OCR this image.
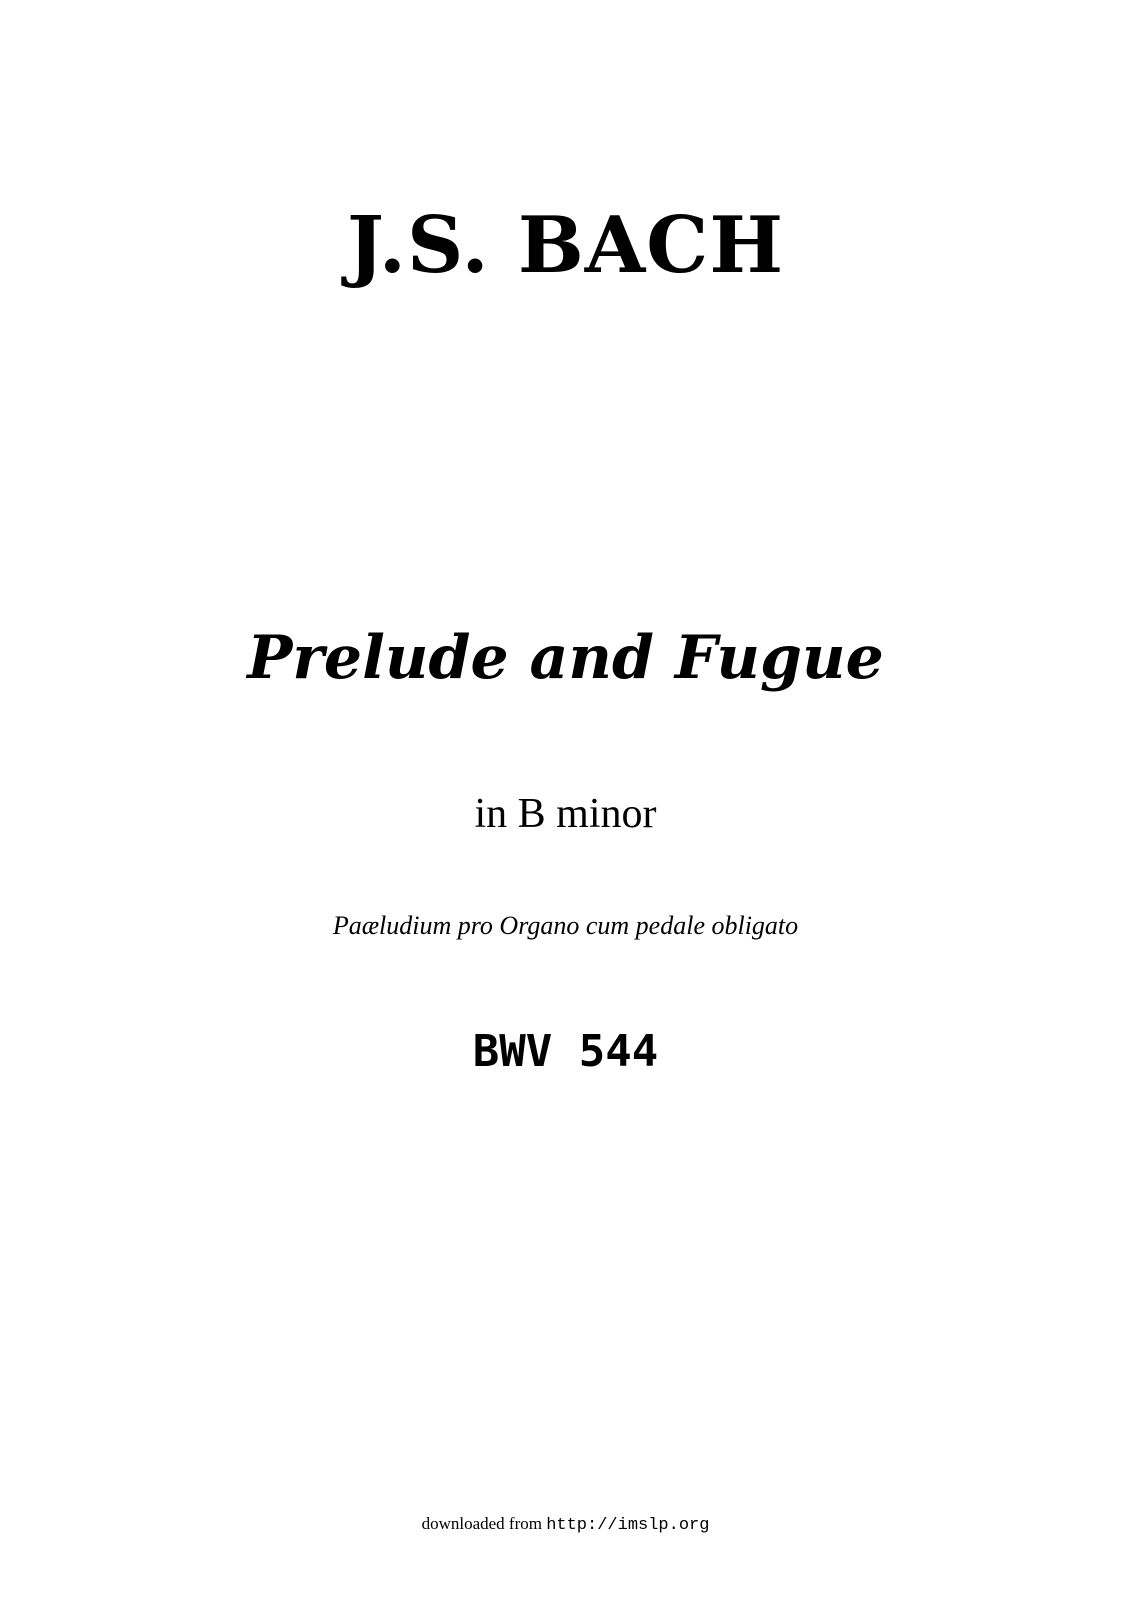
J.S. BACH
Prelude and Fugue
in B minor
Paæludium pro Organo cum pedale obligato
BWV 544
downloaded from http://imslp.org
